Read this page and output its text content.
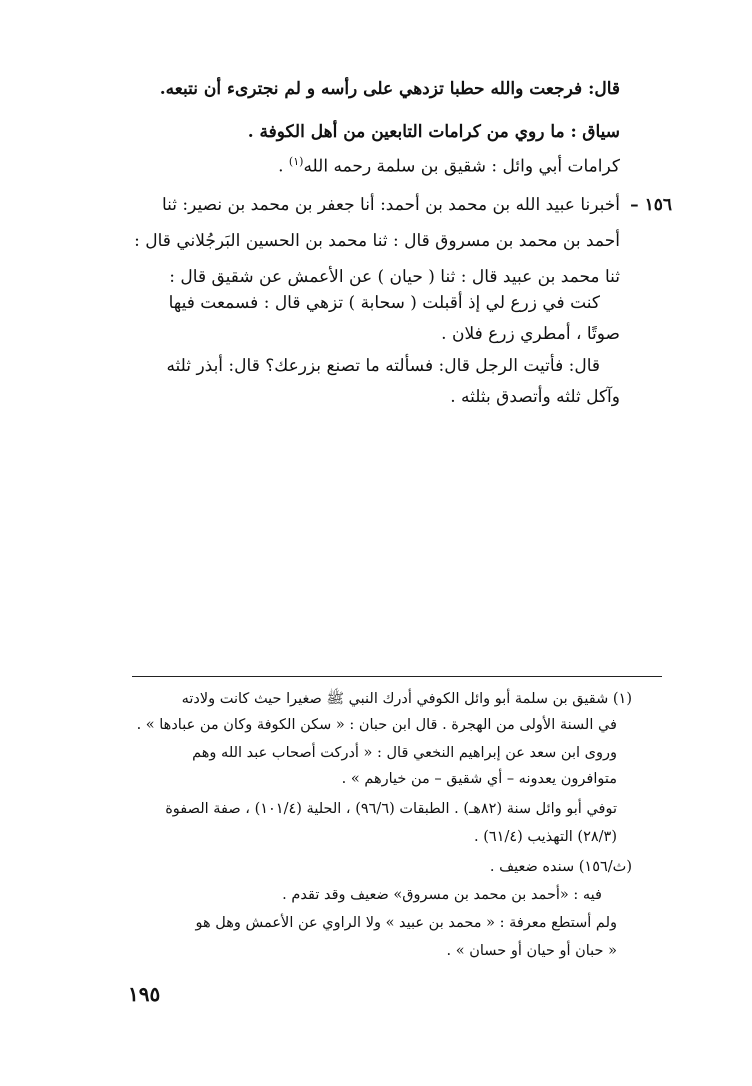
قال: فرجعت والله حطبا تزدهي على رأسه و لم نجترىء أن نتبعه.
سياق : ما روي من كرامات التابعين من أهل الكوفة .
كرامات أبي وائل : شقيق بن سلمة رحمه الله$^{(١)}$ .
١٥٦ –
أخبرنا عبيد الله بن محمد بن أحمد: أنا جعفر بن محمد بن نصير: ثنا
أحمد بن محمد بن مسروق قال : ثنا محمد بن الحسين البَرجُلاني قال :
ثنا محمد بن عبيد قال : ثنا ( حيان ) عن الأعمش عن شقيق قال :
كنت في زرع لي إذ أقبلت ( سحابة ) تزهي قال : فسمعت فيها
صوتًا ، أمطري زرع فلان .
قال: فأتيت الرجل قال: فسألته ما تصنع بزرعك؟ قال: أبذر ثلثه
وآكل ثلثه وأتصدق بثلثه .
(١) شقيق بن سلمة أبو وائل الكوفي أدرك النبي ﷺ صغيرا حيث كانت ولادته
في السنة الأولى من الهجرة . قال ابن حبان : « سكن الكوفة وكان من عبادها » .
وروى ابن سعد عن إبراهيم النخعي قال : « أدركت أصحاب عبد الله وهم
متوافرون يعدونه – أي شقيق – من خيارهم » .
توفي أبو وائل سنة (٨٢هـ) . الطبقات (٩٦/٦) ، الحلية (١٠١/٤) ، صفة الصفوة
(٢٨/٣) التهذيب (٦١/٤) .
(ث/١٥٦) سنده ضعيف .
فيه : «أحمد بن محمد بن مسروق» ضعيف وقد تقدم .
ولم أستطع معرفة : « محمد بن عبيد » ولا الراوي عن الأعمش وهل هو
« حبان أو حيان أو حسان » .
١٩٥
